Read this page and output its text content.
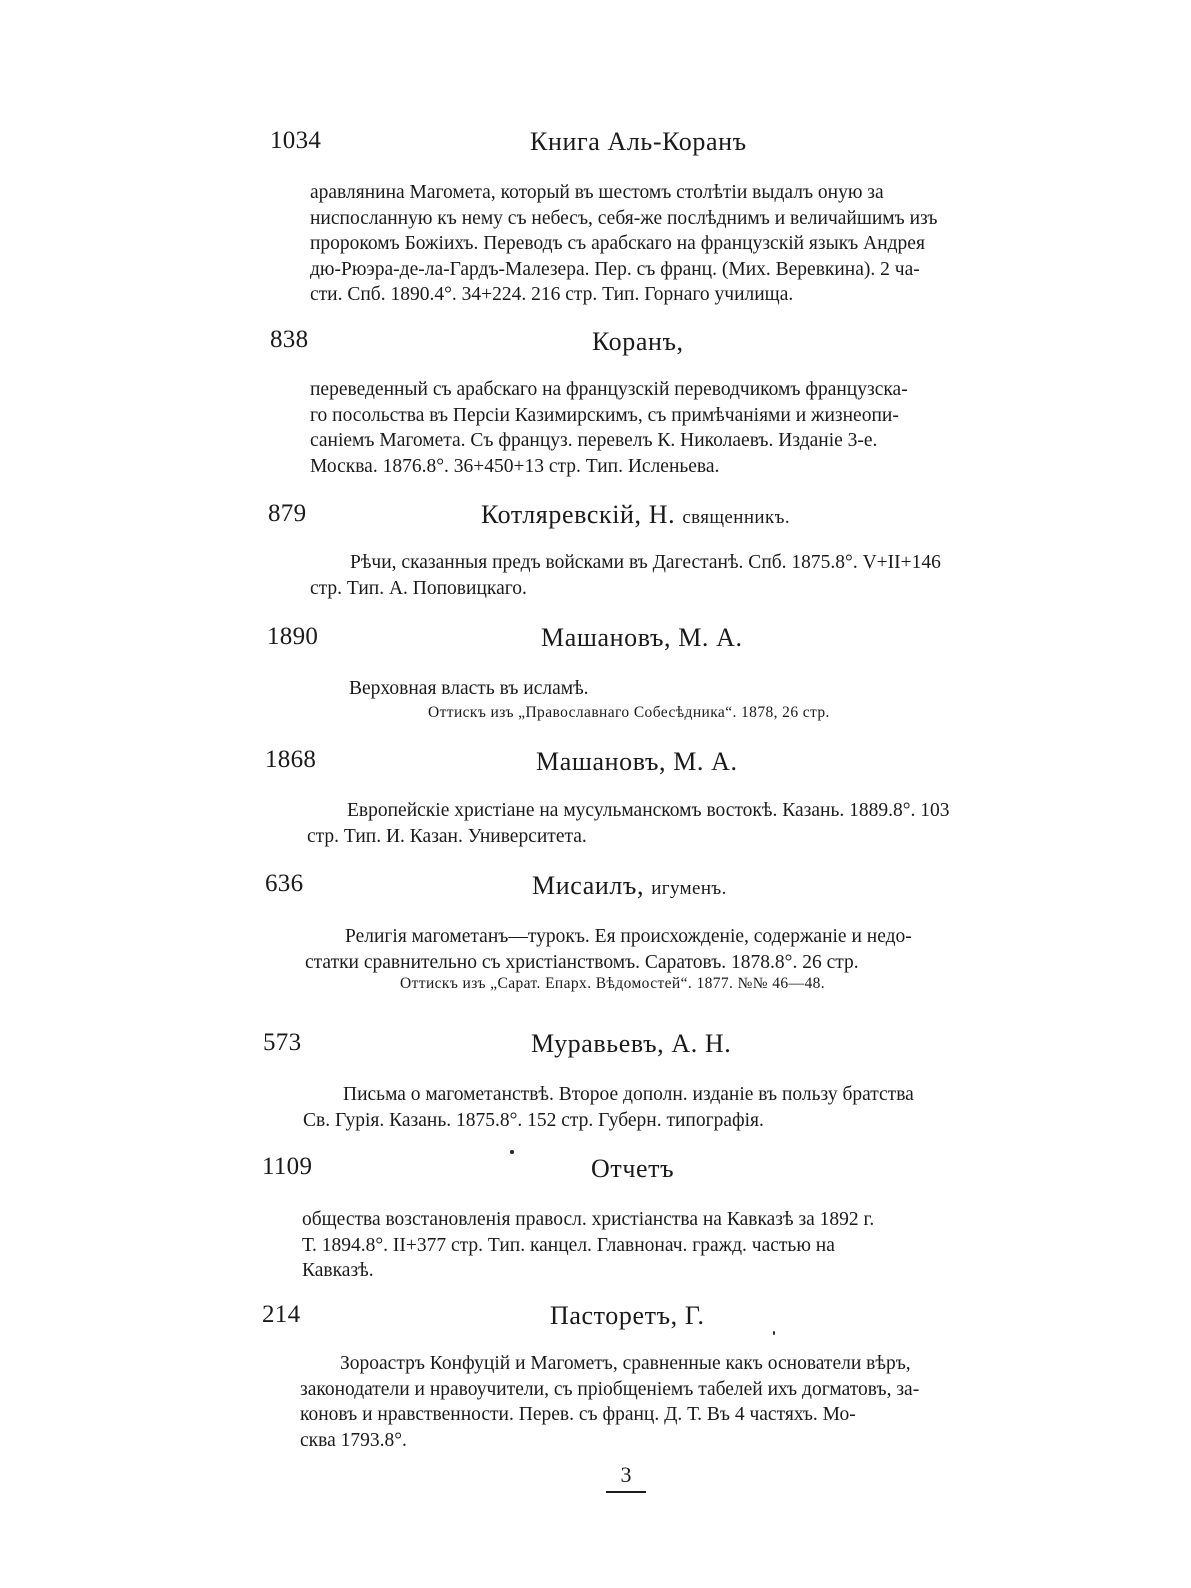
1034	Книга Аль-Коранъ
аравлянина Магомета, который въ шестомъ столѣтіи выдалъ оную за
ниспосланную къ нему съ небесъ, себя-же послѣднимъ и величайшимъ изъ
пророкомъ Божіихъ. Переводъ съ арабскаго на французскій языкъ Андрея
дю-Рюэра-де-ла-Гардъ-Малезера. Пер. съ франц. (Мих. Веревкина). 2 ча-
сти. Спб. 1890.4°. 34+224. 216 стр. Тип. Горнаго училища.
838	Коранъ,
переведенный съ арабскаго на французскій переводчикомъ французска-
го посольства въ Персіи Казимирскимъ, съ примѣчаніями и жизнеопи-
саніемъ Магомета. Съ француз. перевелъ К. Николаевъ. Изданіе 3-е.
Москва. 1876.8°. 36+450+13 стр. Тип. Исленьева.
879	Котляревскій, Н. священникъ.
Рѣчи, сказанныя предъ войсками въ Дагестанѣ. Спб. 1875.8°. V+II+146
стр. Тип. А. Поповицкаго.
1890	Машановъ, М. А.
Верховная власть въ исламѣ.
Оттискъ изъ „Православнаго Собесѣдника“. 1878, 26 стр.
1868	Машановъ, М. А.
Европейскіе христіане на мусульманскомъ востокѣ. Казань. 1889.8°. 103
стр. Тип. И. Казан. Университета.
636	Мисаилъ, игуменъ.
Религія магометанъ—турокъ. Ея происхожденіе, содержаніе и недо-
статки сравнительно съ христіанствомъ. Саратовъ. 1878.8°. 26 стр.
Оттискъ изъ „Сарат. Епарх. Вѣдомостей“. 1877. №№ 46—48.
573	Муравьевъ, А. Н.
Письма о магометанствѣ. Второе дополн. изданіе въ пользу братства
Св. Гурія. Казань. 1875.8°. 152 стр. Губерн. типографія.
1109	Отчетъ
общества возстановленія правосл. христіанства на Кавказѣ за 1892 г.
Т. 1894.8°. II+377 стр. Тип. канцел. Главнонач. гражд. частью на
Кавказѣ.
214	Пасторетъ, Г.
Зороастръ Конфуцій и Магометъ, сравненные какъ основатели вѣръ,
законодатели и нравоучители, съ пріобщеніемъ табелей ихъ догматовъ, за-
коновъ и нравственности. Перев. съ франц. Д. Т. Въ 4 частяхъ. Мо-
сква 1793.8°.
3
